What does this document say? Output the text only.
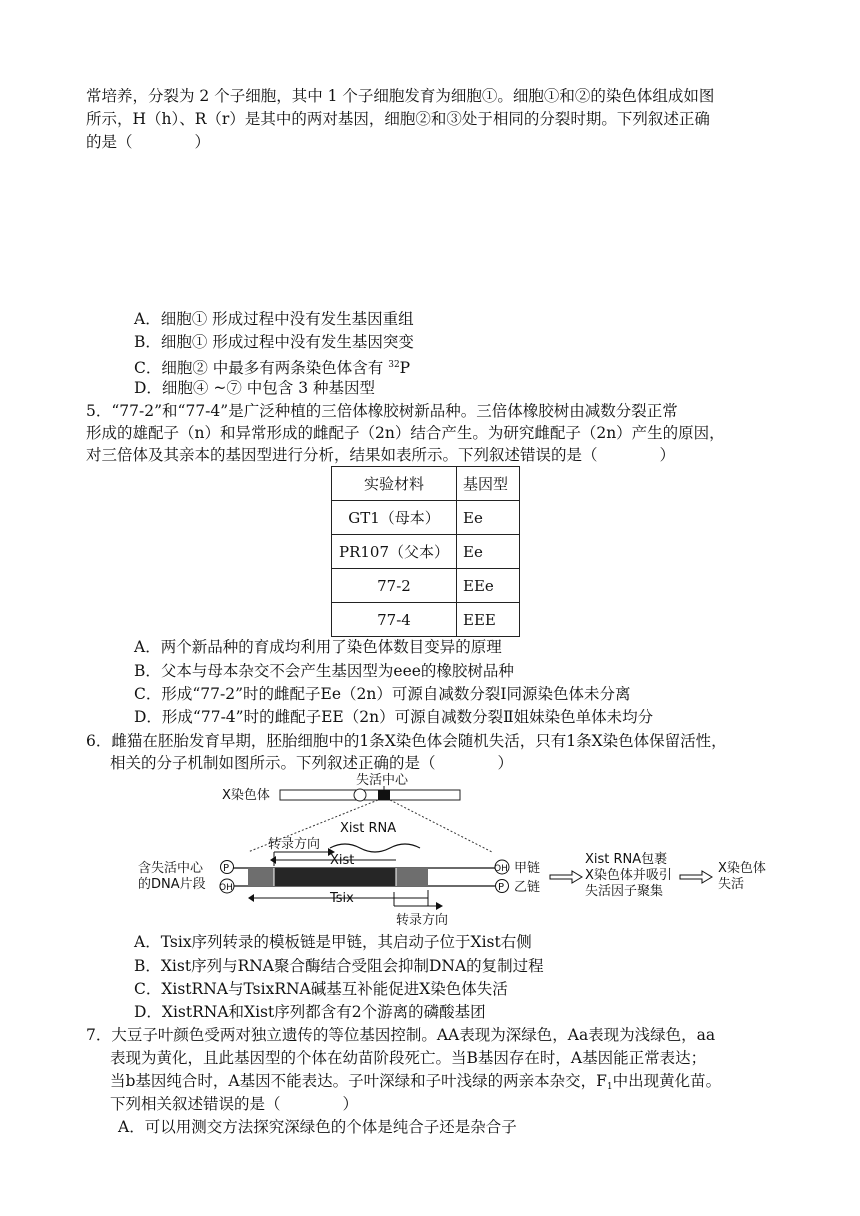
常培养，分裂为 2 个子细胞，其中 1 个子细胞发育为细胞①。细胞①和②的染色体组成如图
所示，H（h）、R（r）是其中的两对基因，细胞②和③处于相同的分裂时期。下列叙述正确
的是（　　　　）
A．细胞① 形成过程中没有发生基因重组
B．细胞① 形成过程中没有发生基因突变
C．细胞② 中最多有两条染色体含有 $^{32}$P
D．细胞④ ~⑦ 中包含 3 种基因型
5．“77-2”和“77-4”是广泛种植的三倍体橡胶树新品种。三倍体橡胶树由减数分裂正常
形成的雄配子（n）和异常形成的雌配子（2n）结合产生。为研究雌配子（2n）产生的原因，
对三倍体及其亲本的基因型进行分析，结果如表所示。下列叙述错误的是（　　　　）
实验材料	基因型
GT1（母本）	Ee
PR107（父本）	Ee
77-2	EEe
77-4	EEE
A．两个新品种的育成均利用了染色体数目变异的原理
B．父本与母本杂交不会产生基因型为eee的橡胶树品种
C．形成“77-2”时的雌配子Ee（2n）可源自减数分裂Ⅰ同源染色体未分离
D．形成“77-4”时的雌配子EE（2n）可源自减数分裂Ⅱ姐妹染色单体未均分
6．雌猫在胚胎发育早期，胚胎细胞中的1条X染色体会随机失活，只有1条X染色体保留活性，
相关的分子机制如图所示。下列叙述正确的是（　　　　）
X染色体
失活中心
Xist RNA
转录方向
Xist
含失活中心
的DNA片段
P
OH
OH 甲链
P 乙链
Tsix
转录方向
Xist RNA包裹
X染色体并吸引
失活因子聚集
X染色体
失活
A．Tsix序列转录的模板链是甲链，其启动子位于Xist右侧
B．Xist序列与RNA聚合酶结合受阻会抑制DNA的复制过程
C．XistRNA与TsixRNA碱基互补能促进X染色体失活
D．XistRNA和Xist序列都含有2个游离的磷酸基团
7．大豆子叶颜色受两对独立遗传的等位基因控制。AA表现为深绿色，Aa表现为浅绿色，aa
表现为黄化，且此基因型的个体在幼苗阶段死亡。当B基因存在时，A基因能正常表达；
当b基因纯合时，A基因不能表达。子叶深绿和子叶浅绿的两亲本杂交，$F_1$中出现黄化苗。
下列相关叙述错误的是（　　　　）
A．可以用测交方法探究深绿色的个体是纯合子还是杂合子
